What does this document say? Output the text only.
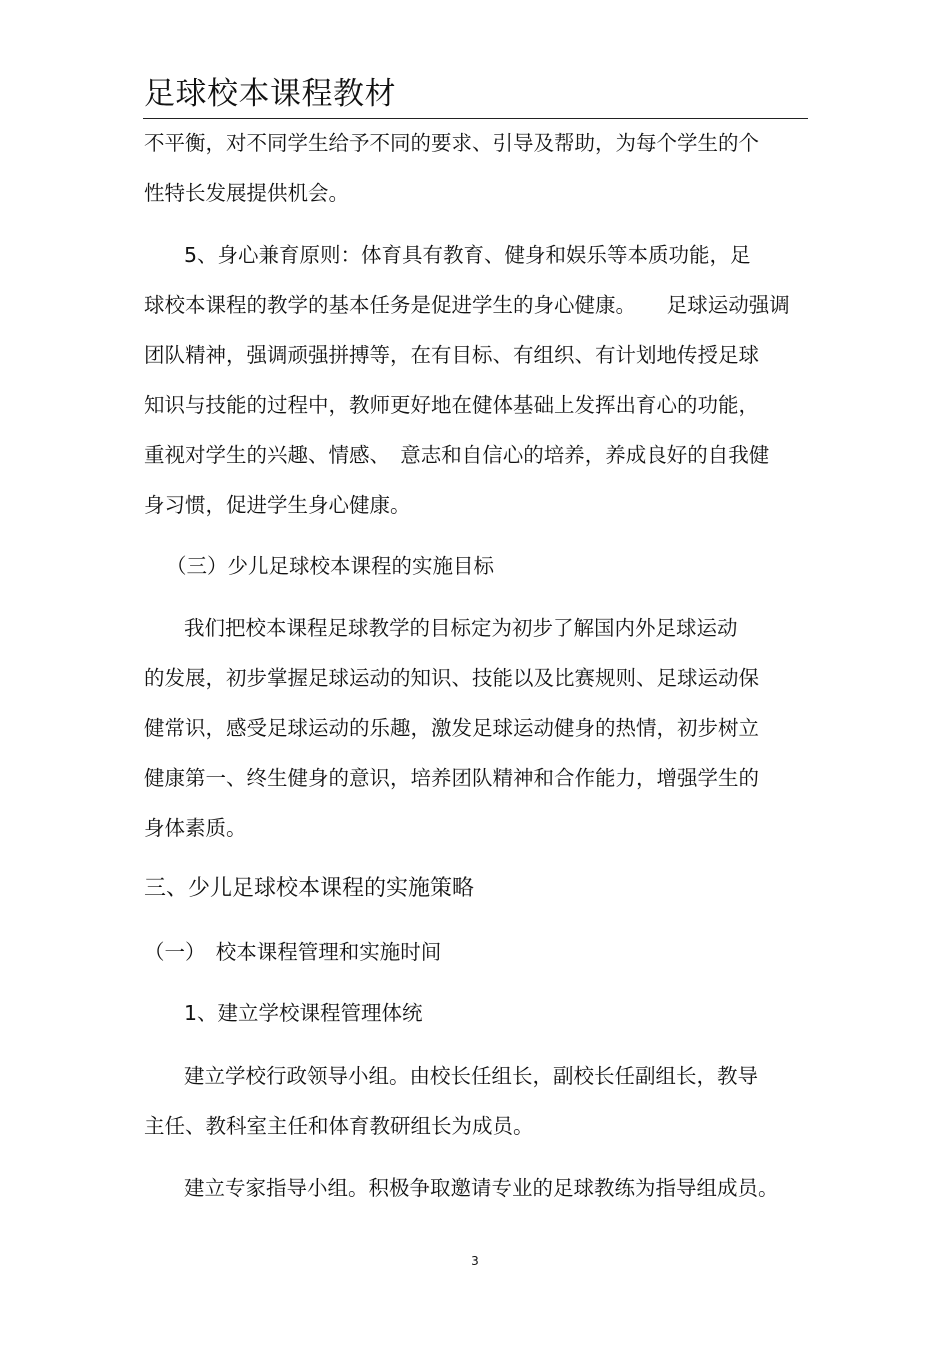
足球校本课程教材
不平衡，对不同学生给予不同的要求、引导及帮助，为每个学生的个
性特长发展提供机会。
5、身心兼育原则：体育具有教育、健身和娱乐等本质功能，足
球校本课程的教学的基本任务是促进学生的身心健康。　　足球运动强调
团队精神，强调顽强拼搏等，在有目标、有组织、有计划地传授足球
知识与技能的过程中，教师更好地在健体基础上发挥出育心的功能，
重视对学生的兴趣、情感、　意志和自信心的培养，养成良好的自我健
身习惯，促进学生身心健康。
（三）少儿足球校本课程的实施目标
我们把校本课程足球教学的目标定为初步了解国内外足球运动
的发展，初步掌握足球运动的知识、技能以及比赛规则、足球运动保
健常识，感受足球运动的乐趣，激发足球运动健身的热情，初步树立
健康第一、终生健身的意识，培养团队精神和合作能力，增强学生的
身体素质。
三、少儿足球校本课程的实施策略
（一）　校本课程管理和实施时间
1、建立学校课程管理体统
建立学校行政领导小组。由校长任组长，副校长任副组长，教导
主任、教科室主任和体育教研组长为成员。
建立专家指导小组。积极争取邀请专业的足球教练为指导组成员。
3
